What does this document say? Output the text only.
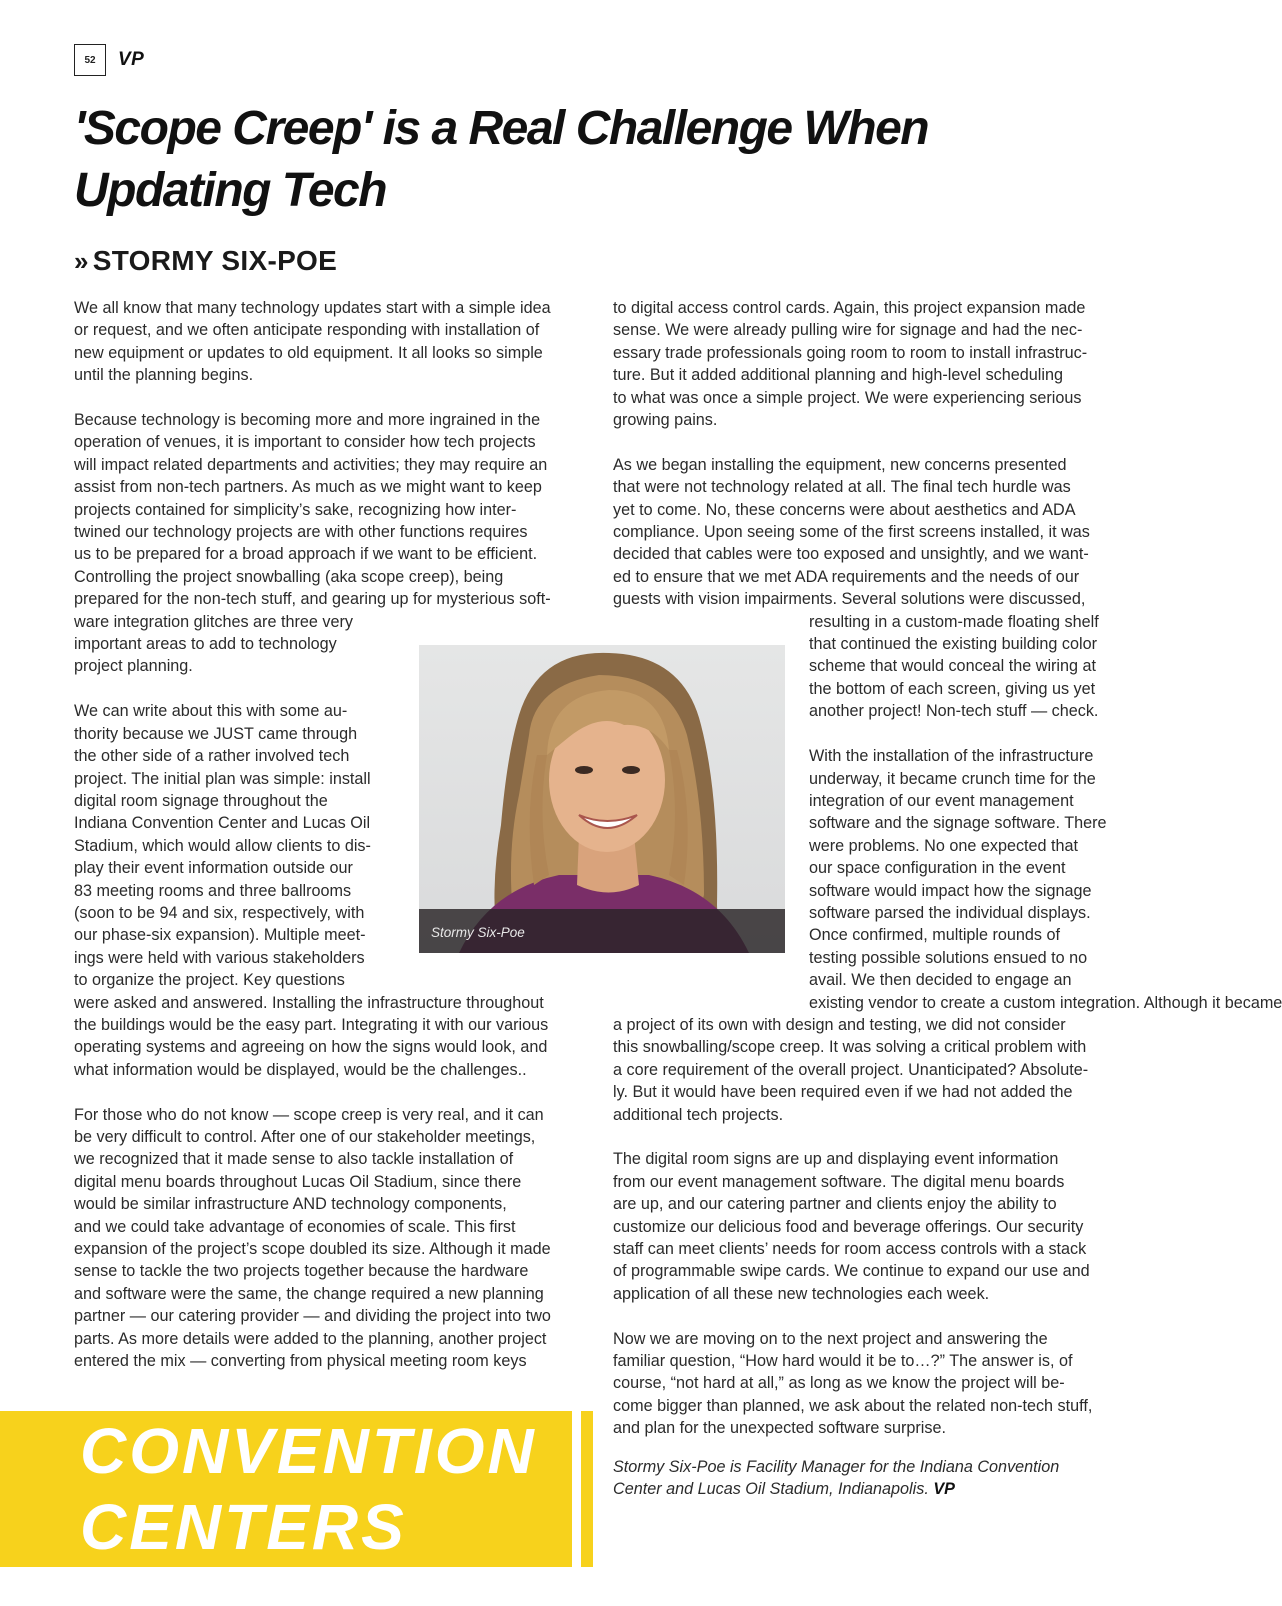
52	VP
'Scope Creep' is a Real Challenge When
Updating Tech
» STORMY SIX-POE

We all know that many technology updates start with a simple idea
or request, and we often anticipate responding with installation of
new equipment or updates to old equipment. It all looks so simple
until the planning begins.

Because technology is becoming more and more ingrained in the
operation of venues, it is important to consider how tech projects
will impact related departments and activities; they may require an
assist from non-tech partners. As much as we might want to keep
projects contained for simplicity’s sake, recognizing how inter-
twined our technology projects are with other functions requires
us to be prepared for a broad approach if we want to be efficient.
Controlling the project snowballing (aka scope creep), being
prepared for the non-tech stuff, and gearing up for mysterious soft-
ware integration glitches are three very
important areas to add to technology
project planning.

We can write about this with some au-
thority because we JUST came through
the other side of a rather involved tech
project. The initial plan was simple: install
digital room signage throughout the
Indiana Convention Center and Lucas Oil
Stadium, which would allow clients to dis-
play their event information outside our
83 meeting rooms and three ballrooms
(soon to be 94 and six, respectively, with
our phase-six expansion). Multiple meet-
ings were held with various stakeholders
to organize the project. Key questions
were asked and answered. Installing the infrastructure throughout
the buildings would be the easy part. Integrating it with our various
operating systems and agreeing on how the signs would look, and
what information would be displayed, would be the challenges..

For those who do not know — scope creep is very real, and it can
be very difficult to control. After one of our stakeholder meetings,
we recognized that it made sense to also tackle installation of
digital menu boards throughout Lucas Oil Stadium, since there
would be similar infrastructure AND technology components,
and we could take advantage of economies of scale. This first
expansion of the project’s scope doubled its size. Although it made
sense to tackle the two projects together because the hardware
and software were the same, the change required a new planning
partner — our catering provider — and dividing the project into two
parts. As more details were added to the planning, another project
entered the mix — converting from physical meeting room keys

to digital access control cards. Again, this project expansion made
sense. We were already pulling wire for signage and had the nec-
essary trade professionals going room to room to install infrastruc-
ture. But it added additional planning and high-level scheduling
to what was once a simple project. We were experiencing serious
growing pains.

As we began installing the equipment, new concerns presented
that were not technology related at all. The final tech hurdle was
yet to come. No, these concerns were about aesthetics and ADA
compliance. Upon seeing some of the first screens installed, it was
decided that cables were too exposed and unsightly, and we want-
ed to ensure that we met ADA requirements and the needs of our
guests with vision impairments. Several solutions were discussed,
resulting in a custom-made floating shelf
that continued the existing building color
scheme that would conceal the wiring at
the bottom of each screen, giving us yet
another project! Non-tech stuff — check.

With the installation of the infrastructure
underway, it became crunch time for the
integration of our event management
software and the signage software. There
were problems. No one expected that
our space configuration in the event
software would impact how the signage
software parsed the individual displays.
Once confirmed, multiple rounds of
testing possible solutions ensued to no
avail. We then decided to engage an
existing vendor to create a custom integration. Although it became
a project of its own with design and testing, we did not consider
this snowballing/scope creep. It was solving a critical problem with
a core requirement of the overall project. Unanticipated? Absolute-
ly. But it would have been required even if we had not added the
additional tech projects.

The digital room signs are up and displaying event information
from our event management software. The digital menu boards
are up, and our catering partner and clients enjoy the ability to
customize our delicious food and beverage offerings. Our security
staff can meet clients’ needs for room access controls with a stack
of programmable swipe cards. We continue to expand our use and
application of all these new technologies each week.

Now we are moving on to the next project and answering the
familiar question, “How hard would it be to…?” The answer is, of
course, “not hard at all,” as long as we know the project will be-
come bigger than planned, we ask about the related non-tech stuff,
and plan for the unexpected software surprise.

Stormy Six-Poe
CONVENTION
CENTERS
Stormy Six-Poe is Facility Manager for the Indiana Convention
Center and Lucas Oil Stadium, Indianapolis. VP
